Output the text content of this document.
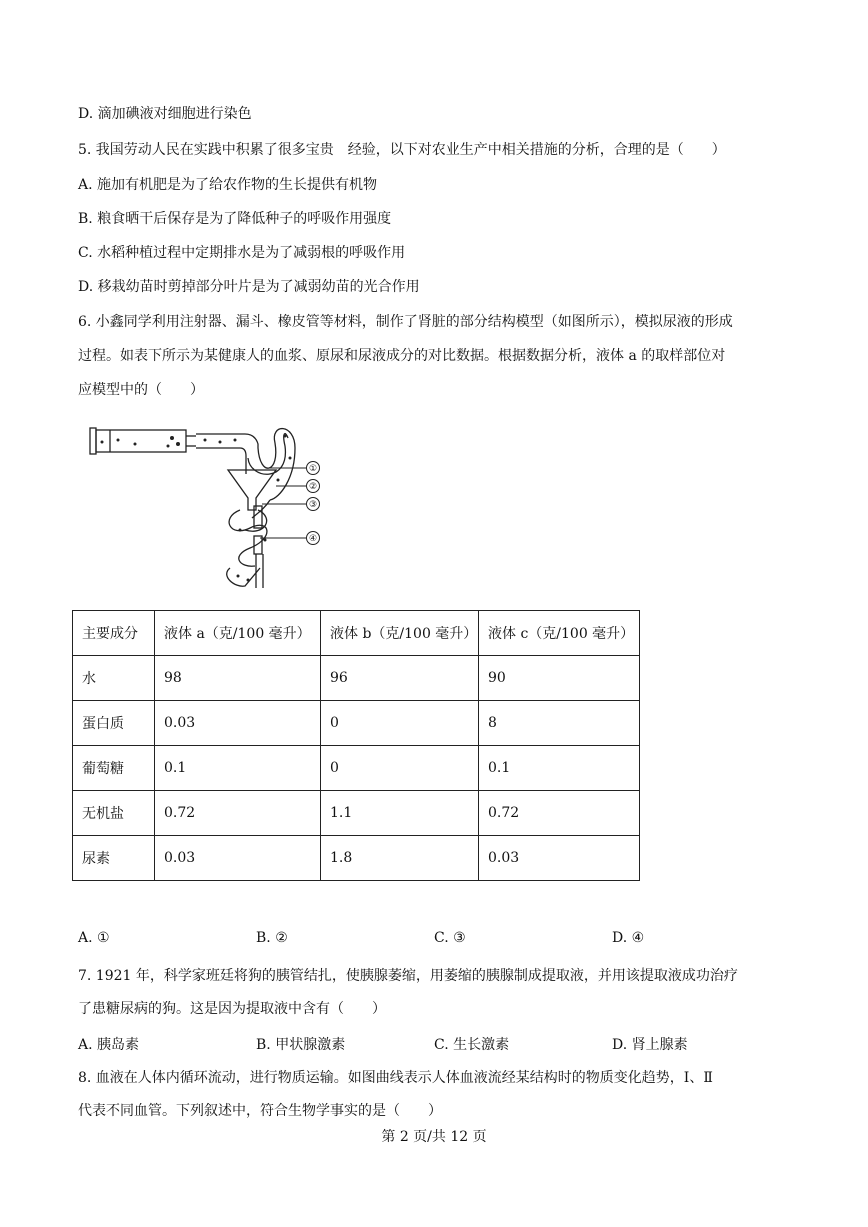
D. 滴加碘液对细胞进行染色
5. 我国劳动人民在实践中积累了很多宝贵　经验，以下对农业生产中相关措施的分析，合理的是（　　）
A. 施加有机肥是为了给农作物的生长提供有机物
B. 粮食晒干后保存是为了降低种子的呼吸作用强度
C. 水稻种植过程中定期排水是为了减弱根的呼吸作用
D. 移栽幼苗时剪掉部分叶片是为了减弱幼苗的光合作用
6. 小鑫同学利用注射器、漏斗、橡皮管等材料，制作了肾脏的部分结构模型（如图所示），模拟尿液的形成
过程。如表下所示为某健康人的血浆、原尿和尿液成分的对比数据。根据数据分析，液体 a 的取样部位对
应模型中的（　　）
①
②
③
④
主要成分	液体 a（克/100 毫升）	液体 b（克/100 毫升）	液体 c（克/100 毫升）
水	98	96	90
蛋白质	0.03	0	8
葡萄糖	0.1	0	0.1
无机盐	0.72	1.1	0.72
尿素	0.03	1.8	0.03
A. ①	B. ②	C. ③	D. ④
7. 1921 年，科学家班廷将狗的胰管结扎，使胰腺萎缩，用萎缩的胰腺制成提取液，并用该提取液成功治疗
了患糖尿病的狗。这是因为提取液中含有（　　）
A. 胰岛素	B. 甲状腺激素	C. 生长激素	D. 肾上腺素
8. 血液在人体内循环流动，进行物质运输。如图曲线表示人体血液流经某结构时的物质变化趋势，Ⅰ、Ⅱ
代表不同血管。下列叙述中，符合生物学事实的是（　　）
第 2 页/共 12 页
